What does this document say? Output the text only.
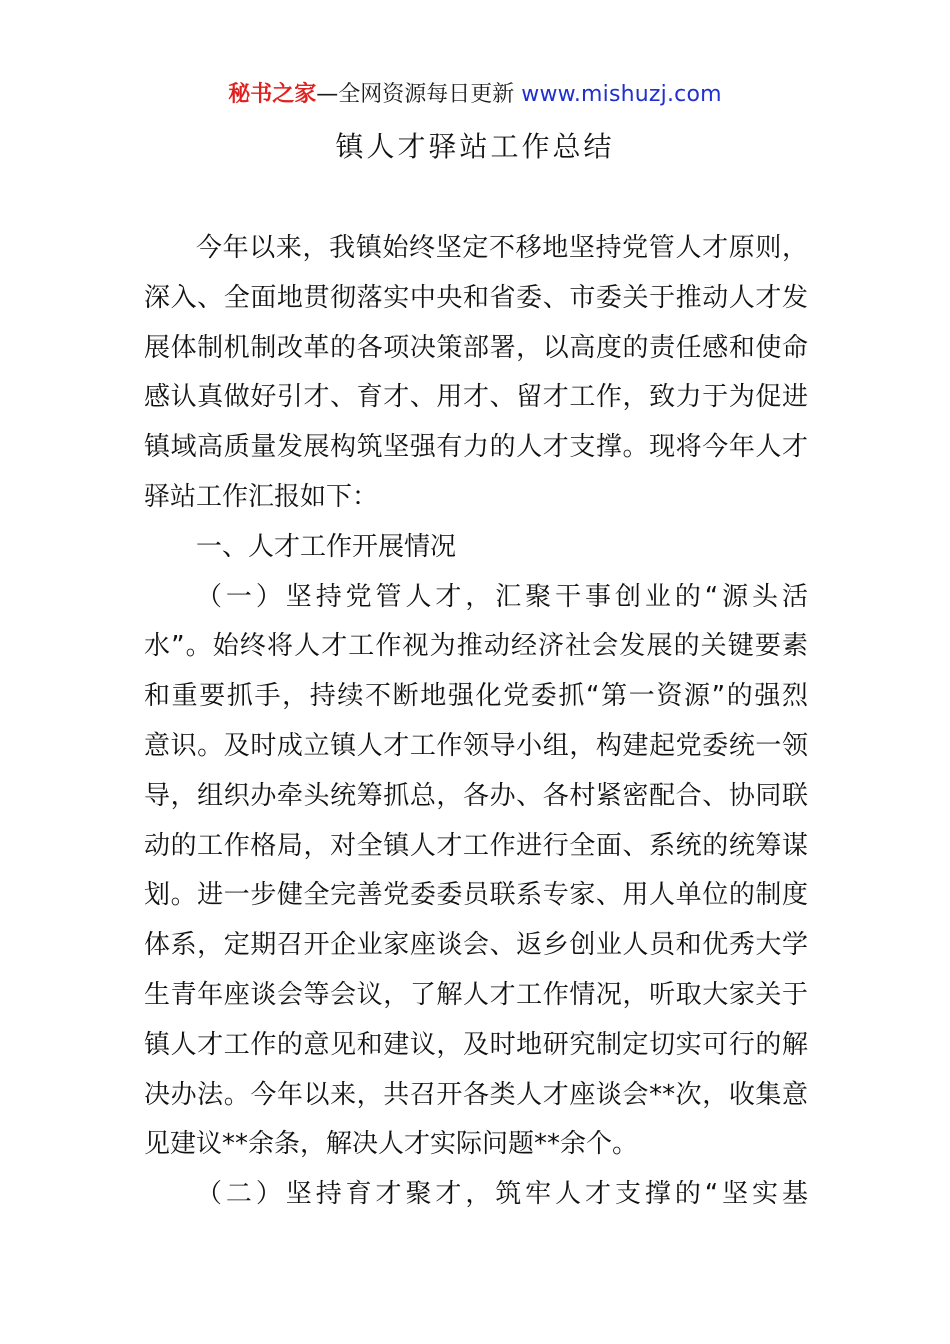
秘书之家—全网资源每日更新 www.mishuzj.com
镇人才驿站工作总结
今年以来，我镇始终坚定不移地坚持党管人才原则，
深入、全面地贯彻落实中央和省委、市委关于推动人才发
展体制机制改革的各项决策部署，以高度的责任感和使命
感认真做好引才、育才、用才、留才工作，致力于为促进
镇域高质量发展构筑坚强有力的人才支撑。现将今年人才
驿站工作汇报如下：
一、人才工作开展情况
（一）坚持党管人才，汇聚干事创业的“源头活
水”。始终将人才工作视为推动经济社会发展的关键要素
和重要抓手，持续不断地强化党委抓“第一资源”的强烈
意识。及时成立镇人才工作领导小组，构建起党委统一领
导，组织办牵头统筹抓总，各办、各村紧密配合、协同联
动的工作格局，对全镇人才工作进行全面、系统的统筹谋
划。进一步健全完善党委委员联系专家、用人单位的制度
体系，定期召开企业家座谈会、返乡创业人员和优秀大学
生青年座谈会等会议，了解人才工作情况，听取大家关于
镇人才工作的意见和建议，及时地研究制定切实可行的解
决办法。今年以来，共召开各类人才座谈会**次，收集意
见建议**余条，解决人才实际问题**余个。
（二）坚持育才聚才，筑牢人才支撑的“坚实基
